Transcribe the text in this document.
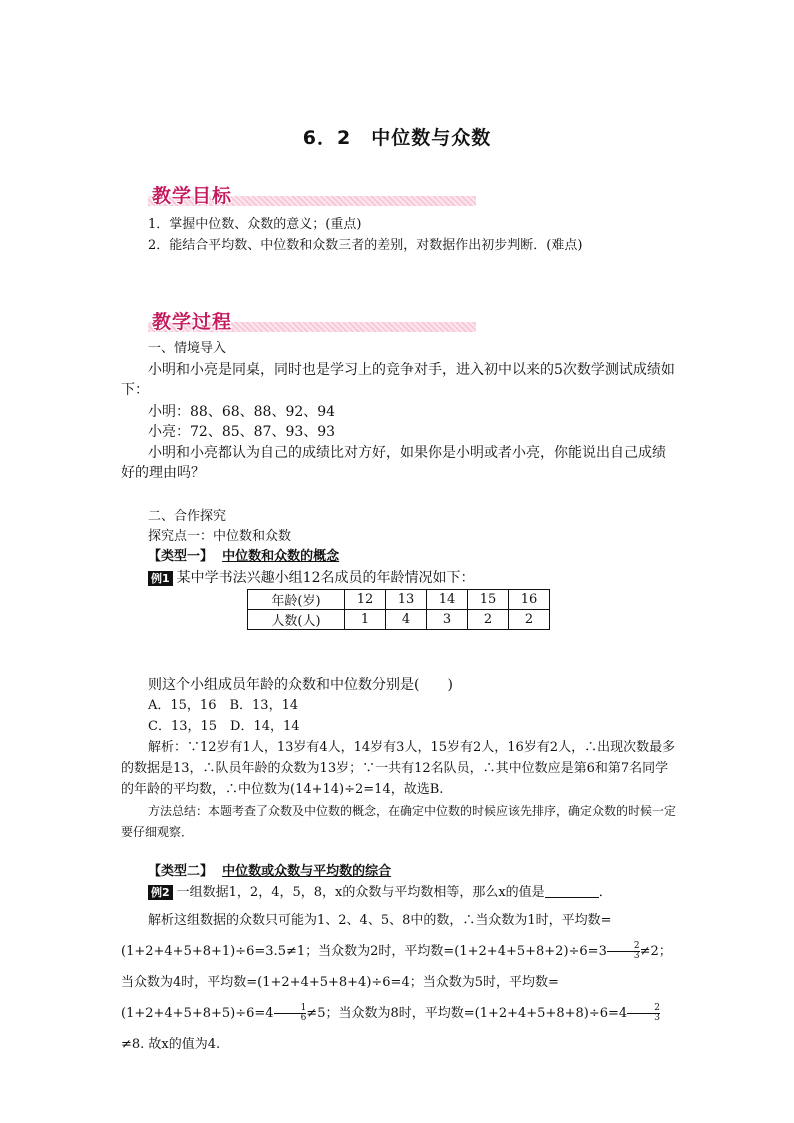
6．2　中位数与众数
教学目标
1．掌握中位数、众数的意义；(重点)
2．能结合平均数、中位数和众数三者的差别，对数据作出初步判断．(难点)
教学过程
一、情境导入
小明和小亮是同桌，同时也是学习上的竞争对手，进入初中以来的5次数学测试成绩如下：
小明：88、68、88、92、94
小亮：72、85、87、93、93
小明和小亮都认为自己的成绩比对方好，如果你是小明或者小亮，你能说出自己成绩好的理由吗？
二、合作探究
探究点一：中位数和众数
【类型一】 中位数和众数的概念
例1 某中学书法兴趣小组12名成员的年龄情况如下：
年龄(岁)	12	13	14	15	16
人数(人)	1	4	3	2	2
则这个小组成员年龄的众数和中位数分别是(　　)
A．15，16　B．13，14
C．13，15　D．14，14
解析：∵12岁有1人，13岁有4人，14岁有3人，15岁有2人，16岁有2人，∴出现次数最多的数据是13，∴队员年龄的众数为13岁；∵一共有12名队员，∴其中位数应是第6和第7名同学的年龄的平均数，∴中位数为(14+14)÷2=14，故选B.
方法总结：本题考查了众数及中位数的概念，在确定中位数的时候应该先排序，确定众数的时候一定要仔细观察．
【类型二】 中位数或众数与平均数的综合
例2 一组数据1，2，4，5，8，x的众数与平均数相等，那么x的值是	．
解析这组数据的众数只可能为1、2、4、5、8中的数，∴当众数为1时，平均数=(1+2+4+5+8+1)÷6=3.5≠1；当众数为2时，平均数$=(1+2+4+5+8+2)\div 6=3 \frac{2}{3} \ne 2$；当众数为4时，平均数=(1+2+4+5+8+4)÷6=4；当众数为5时，平均数$=(1+2+4+5+8+5)\div 6=4 \frac{1}{6} \ne 5$；当众数为8时，平均数$=(1+2+4+5+8+8)\div 6=4 \frac{2}{3}$
≠8. 故x的值为4.
